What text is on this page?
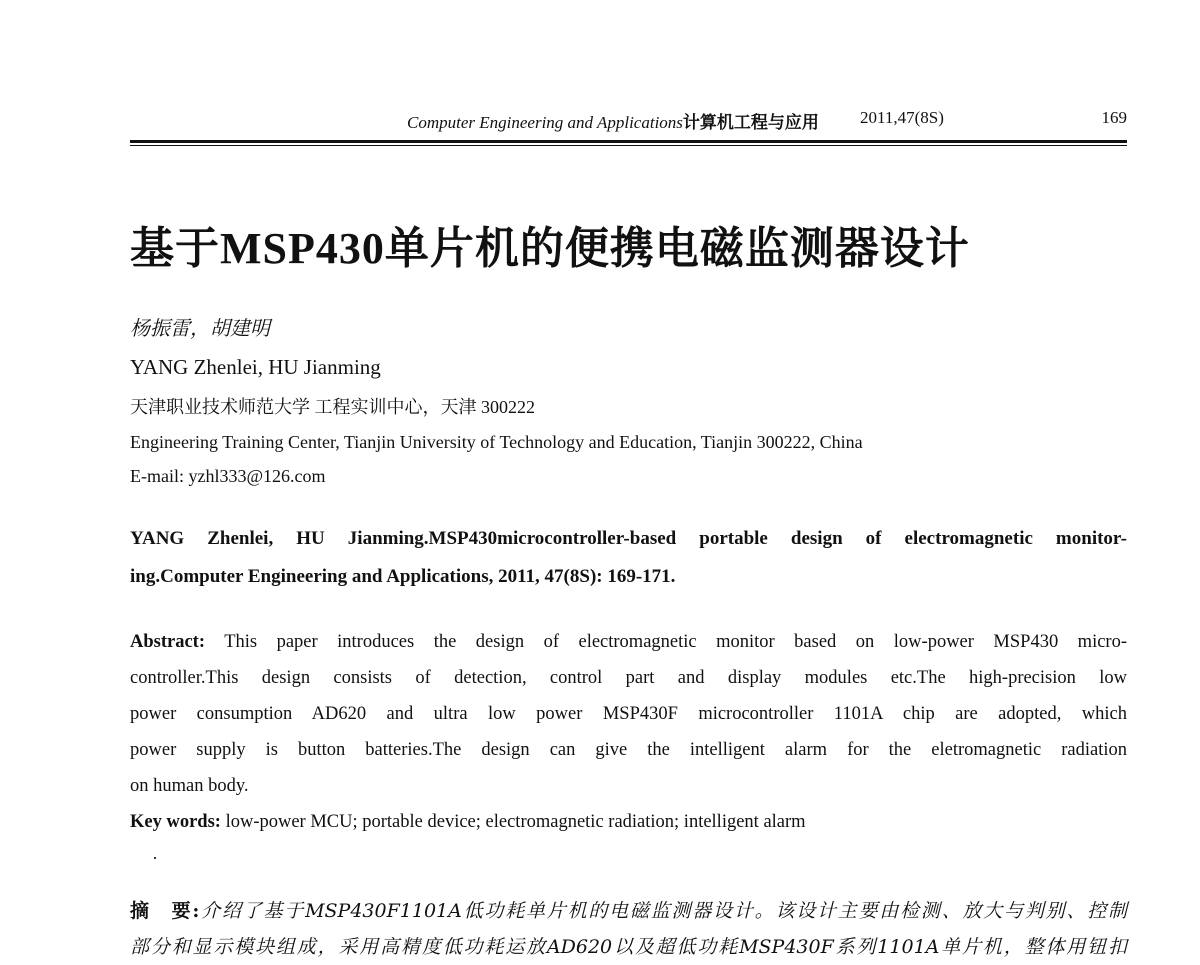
Computer Engineering and Applications计算机工程与应用 2011,47(8S)	169
基于MSP430单片机的便携电磁监测器设计
杨振雷，胡建明
YANG Zhenlei, HU Jianming
天津职业技术师范大学 工程实训中心，天津 300222
Engineering Training Center, Tianjin University of Technology and Education, Tianjin 300222, China
E-mail: yzhl333@126.com

YANG Zhenlei, HU Jianming.MSP430microcontroller-based portable design of electromagnetic monitor-

ing.Computer Engineering and Applications, 2011, 47(8S): 169-171.

Abstract: This paper introduces the design of electromagnetic monitor based on low-power MSP430 micro-

controller.This design consists of detection, control part and display modules etc.The high-precision low

power consumption AD620 and ultra low power MSP430F microcontroller 1101A chip are adopted, which

power supply is button batteries.The design can give the intelligent alarm for the eletromagnetic radiation

on human body.

Key words: low-power MCU; portable device; electromagnetic radiation; intelligent alarm

摘　要:介绍了基于MSP430F1101A低功耗单片机的电磁监测器设计。该设计主要由检测、放大与判别、控制

部分和显示模块组成，采用高精度低功耗运放AD620以及超低功耗MSP430F系列1101A单片机，整体用钮扣
